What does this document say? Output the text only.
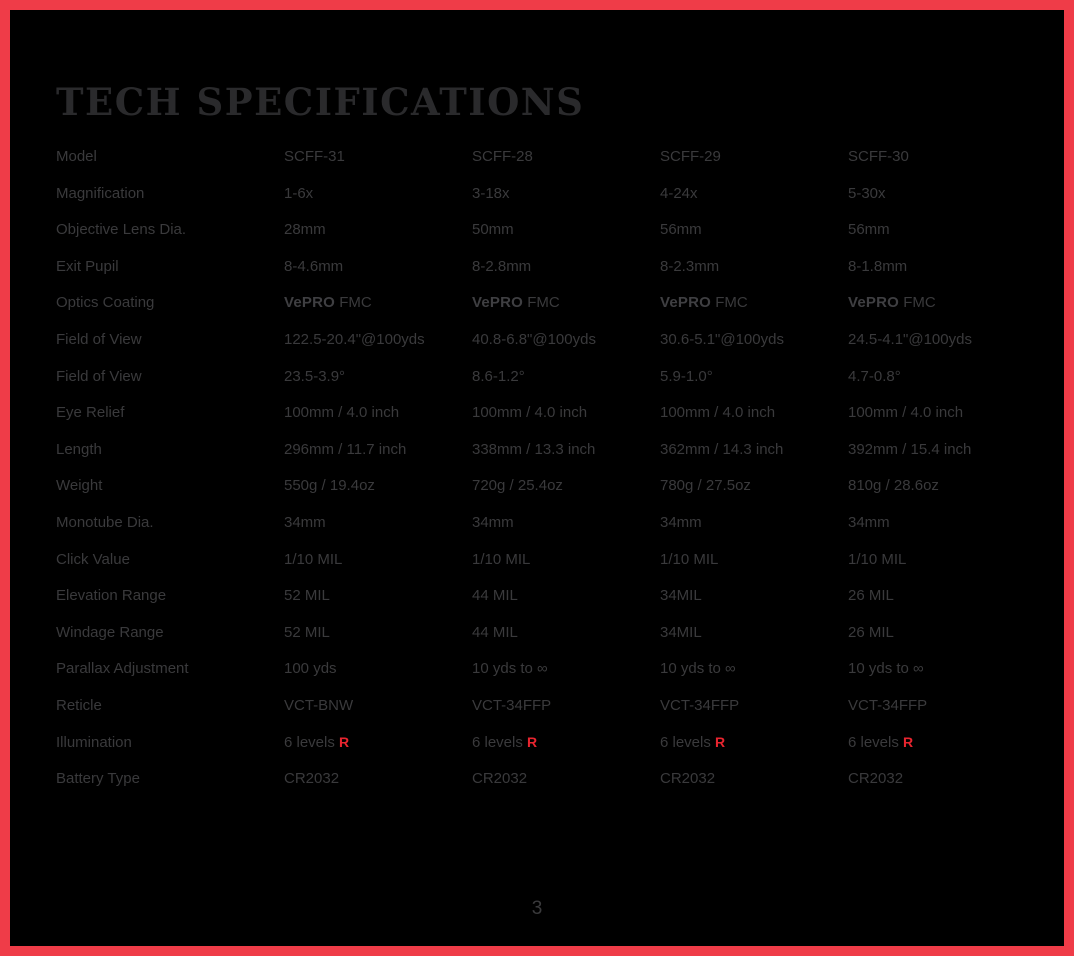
TECH SPECIFICATIONS
Model	SCFF-31	SCFF-28	SCFF-29	SCFF-30
Magnification	1-6x	3-18x	4-24x	5-30x
Objective Lens Dia.	28mm	50mm	56mm	56mm
Exit Pupil	8-4.6mm	8-2.8mm	8-2.3mm	8-1.8mm
Optics Coating	VePRO FMC	VePRO FMC	VePRO FMC	VePRO FMC
Field of View	122.5-20.4"@100yds	40.8-6.8"@100yds	30.6-5.1"@100yds	24.5-4.1"@100yds
Field of View	23.5-3.9°	8.6-1.2°	5.9-1.0°	4.7-0.8°
Eye Relief	100mm / 4.0 inch	100mm / 4.0 inch	100mm / 4.0 inch	100mm / 4.0 inch
Length	296mm / 11.7 inch	338mm / 13.3 inch	362mm / 14.3 inch	392mm / 15.4 inch
Weight	550g / 19.4oz	720g / 25.4oz	780g / 27.5oz	810g / 28.6oz
Monotube Dia.	34mm	34mm	34mm	34mm
Click Value	1/10 MIL	1/10 MIL	1/10 MIL	1/10 MIL
Elevation Range	52 MIL	44 MIL	34MIL	26 MIL
Windage Range	52 MIL	44 MIL	34MIL	26 MIL
Parallax Adjustment	100 yds	10 yds to ∞	10 yds to ∞	10 yds to ∞
Reticle	VCT-BNW	VCT-34FFP	VCT-34FFP	VCT-34FFP
Illumination	6 levels R	6 levels R	6 levels R	6 levels R
Battery Type	CR2032	CR2032	CR2032	CR2032
3
